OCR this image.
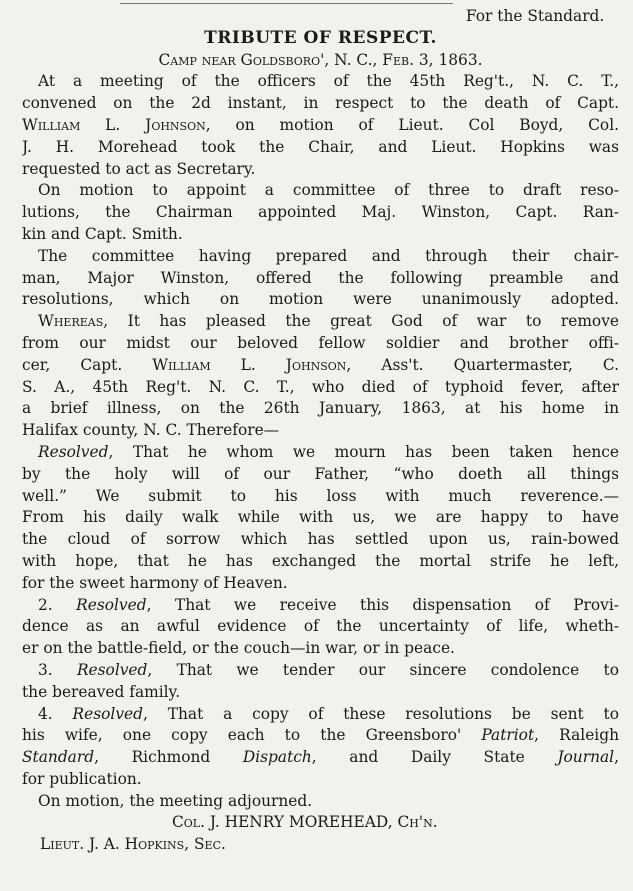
For the Standard.
TRIBUTE OF RESPECT.
Camp near Goldsboro', N. C., Feb. 3, 1863.
At a meeting of the officers of the 45th Reg't., N. C. T.,
convened on the 2d instant, in respect to the death of Capt.
William L. Johnson, on motion of Lieut. Col Boyd, Col.
J. H. Morehead took the Chair, and Lieut. Hopkins was
requested to act as Secretary.
On motion to appoint a committee of three to draft reso-
lutions, the Chairman appointed Maj. Winston, Capt. Ran-
kin and Capt. Smith.
The committee having prepared and through their chair-
man, Major Winston, offered the following preamble and
resolutions, which on motion were unanimously adopted.
Whereas, It has pleased the great God of war to remove
from our midst our beloved fellow soldier and brother offi-
cer, Capt. William L. Johnson, Ass't. Quartermaster, C.
S. A., 45th Reg't. N. C. T., who died of typhoid fever, after
a brief illness, on the 26th January, 1863, at his home in
Halifax county, N. C. Therefore—
Resolved, That he whom we mourn has been taken hence
by the holy will of our Father, “who doeth all things
well.” We submit to his loss with much reverence.—
From his daily walk while with us, we are happy to have
the cloud of sorrow which has settled upon us, rain-bowed
with hope, that he has exchanged the mortal strife he left,
for the sweet harmony of Heaven.
2. Resolved, That we receive this dispensation of Provi-
dence as an awful evidence of the uncertainty of life, wheth-
er on the battle-field, or the couch—in war, or in peace.
3. Resolved, That we tender our sincere condolence to
the bereaved family.
4. Resolved, That a copy of these resolutions be sent to
his wife, one copy each to the Greensboro' Patriot, Raleigh
Standard, Richmond Dispatch, and Daily State Journal,
for publication.
On motion, the meeting adjourned.
Col. J. HENRY MOREHEAD, Ch'n.
Lieut. J. A. Hopkins, Sec.
